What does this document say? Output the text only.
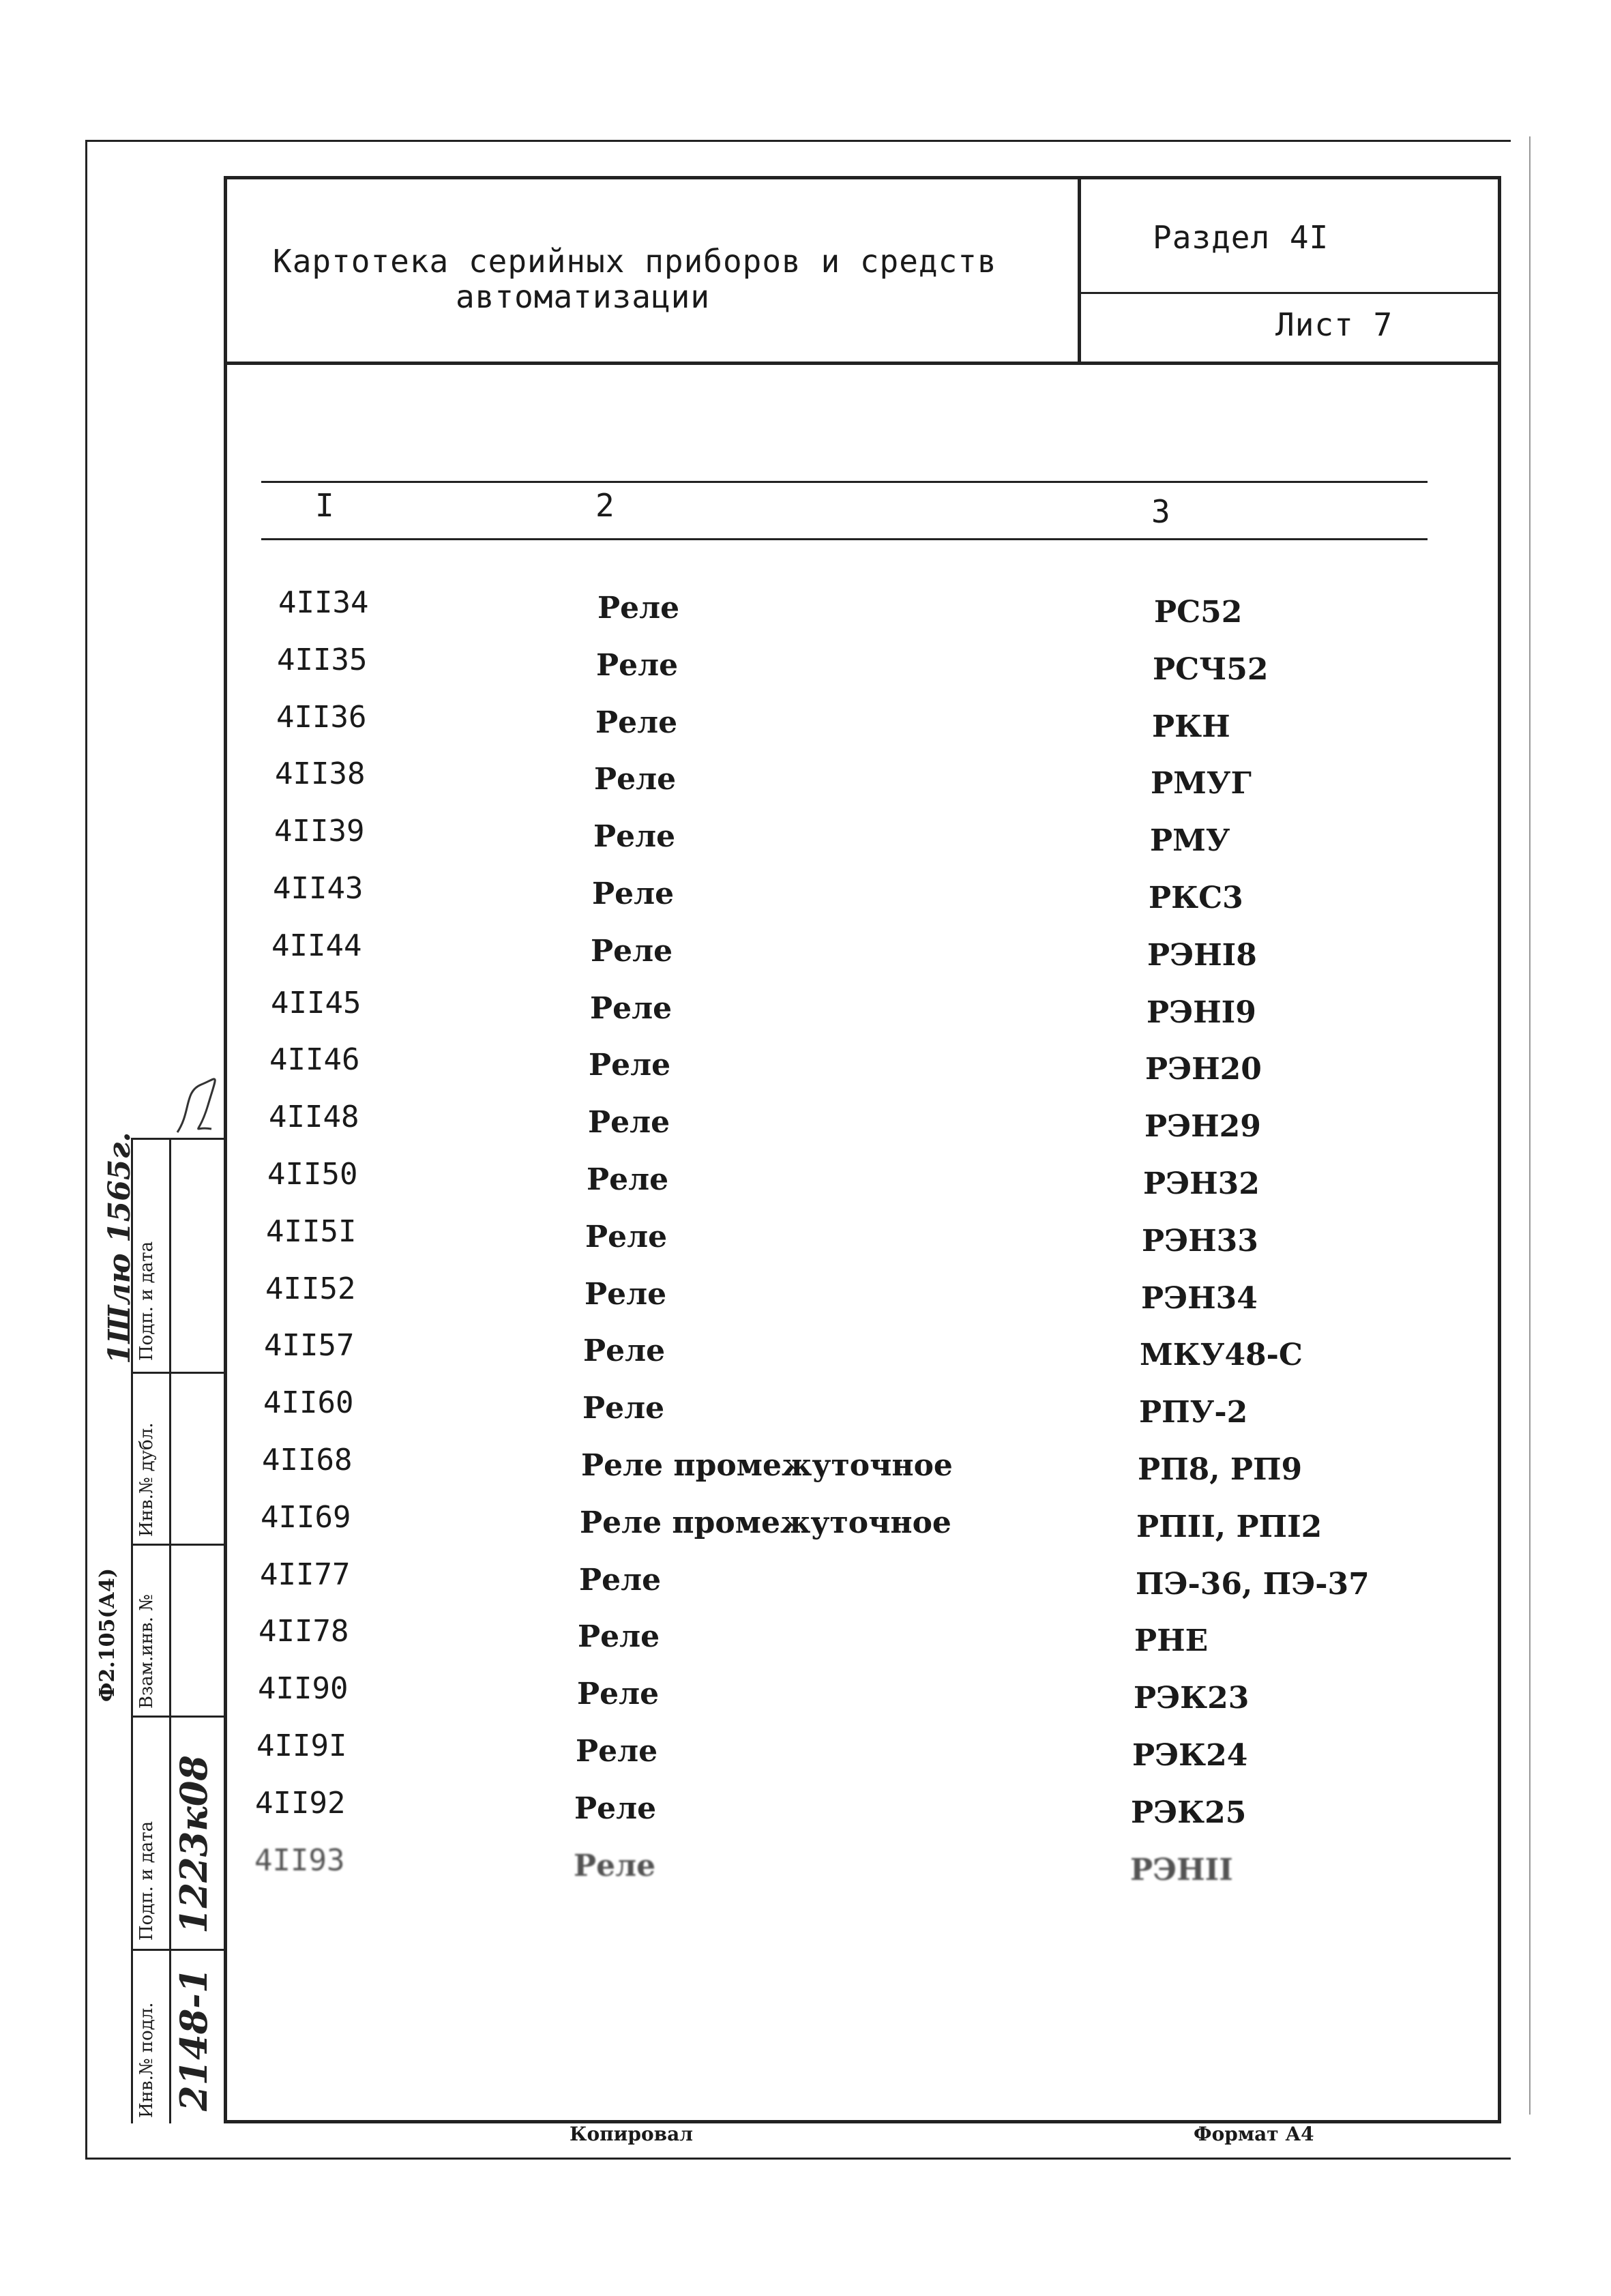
Картотека серийных приборов и средств
автоматизации
Раздел 4I
Лист 7
I	2	3
4II34	Реле	РС52
4II35	Реле	РСЧ52
4II36	Реле	РКН
4II38	Реле	РМУГ
4II39	Реле	РМУ
4II43	Реле	РКС3
4II44	Реле	РЭНI8
4II45	Реле	РЭНI9
4II46	Реле	РЭН20
4II48	Реле	РЭН29
4II50	Реле	РЭН32
4II5I	Реле	РЭН33
4II52	Реле	РЭН34
4II57	Реле	МКУ48-С
4II60	Реле	РПУ-2
4II68	Реле промежуточное	РП8, РП9
4II69	Реле промежуточное	РПII, РПI2
4II77	Реле	ПЭ-36, ПЭ-37
4II78	Реле	РНЕ
4II90	Реле	РЭК23
4II9I	Реле	РЭК24
4II92	Реле	РЭК25
4II93	Реле	РЭНII
Инв.№ подл.
Подп. и дата
Взам.инв. №
Инв.№ дубл.
Подп. и дата
Ф2.105(А4)
2148-1
1223к08
1Шлю 1565г.
Копировал	Формат А4
